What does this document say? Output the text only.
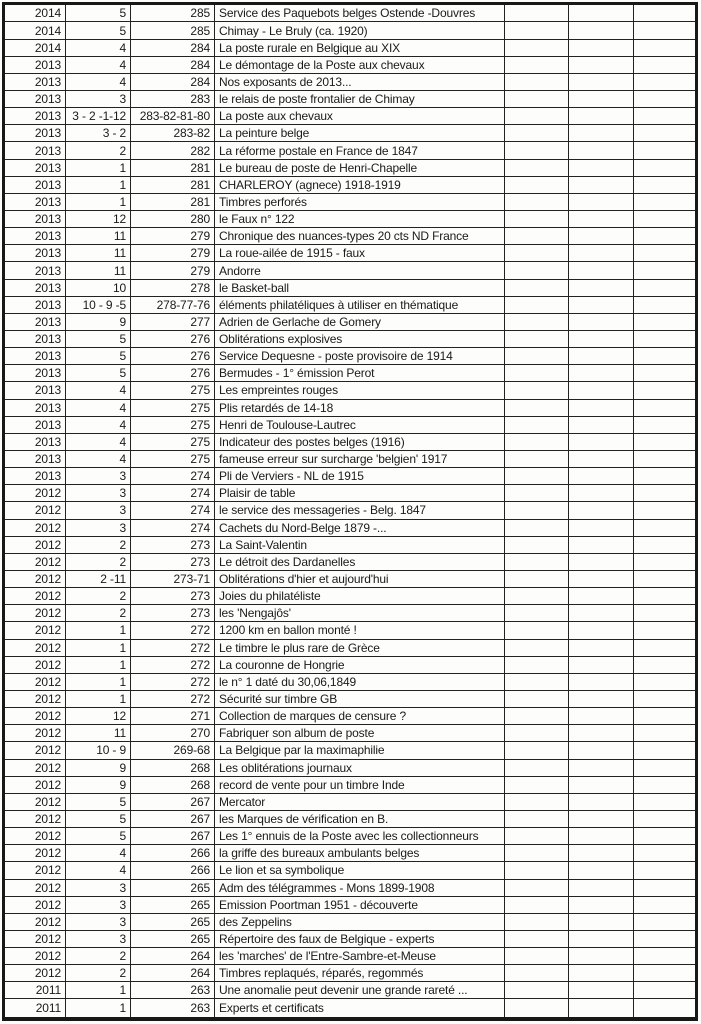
2014	5	285	Service des Paquebots belges Ostende -Douvres			
2014	5	285	Chimay - Le Bruly (ca. 1920)			
2014	4	284	La poste rurale en Belgique au XIX			
2013	4	284	Le démontage de la Poste aux chevaux			
2013	4	284	Nos exposants de 2013...			
2013	3	283	le relais de poste frontalier de Chimay			
2013	3 - 2 -1-12	283-82-81-80	La poste aux chevaux			
2013	3 - 2	283-82	La peinture belge			
2013	2	282	La réforme postale en France de 1847			
2013	1	281	Le bureau de poste de Henri-Chapelle			
2013	1	281	CHARLEROY (agnece) 1918-1919			
2013	1	281	Timbres perforés			
2013	12	280	le Faux n° 122			
2013	11	279	Chronique des nuances-types 20 cts ND France			
2013	11	279	La roue-ailée de 1915 - faux			
2013	11	279	Andorre			
2013	10	278	le Basket-ball			
2013	10 - 9 -5	278-77-76	éléments philatéliques à utiliser en thématique			
2013	9	277	Adrien de Gerlache de Gomery			
2013	5	276	Oblitérations explosives			
2013	5	276	Service Dequesne - poste provisoire de 1914			
2013	5	276	Bermudes - 1° émission Perot			
2013	4	275	Les empreintes rouges			
2013	4	275	Plis retardés de 14-18			
2013	4	275	Henri de Toulouse-Lautrec			
2013	4	275	Indicateur des postes belges (1916)			
2013	4	275	fameuse erreur sur surcharge 'belgien' 1917			
2013	3	274	Pli de Verviers - NL de 1915			
2012	3	274	Plaisir de table			
2012	3	274	le service des messageries - Belg. 1847			
2012	3	274	Cachets du Nord-Belge 1879 -...			
2012	2	273	La Saint-Valentin			
2012	2	273	Le détroit des Dardanelles			
2012	2 -11	273-71	Oblitérations d'hier et aujourd'hui			
2012	2	273	Joies du philatéliste			
2012	2	273	les 'Nengajôs'			
2012	1	272	1200 km en ballon monté !			
2012	1	272	Le timbre le plus rare de Grèce			
2012	1	272	La couronne de Hongrie			
2012	1	272	le n° 1 daté du 30,06,1849			
2012	1	272	Sécurité sur timbre GB			
2012	12	271	Collection de marques de censure ?			
2012	11	270	Fabriquer son album de poste			
2012	10 - 9	269-68	La Belgique par la maximaphilie			
2012	9	268	Les oblitérations journaux			
2012	9	268	record de vente pour un timbre Inde			
2012	5	267	Mercator			
2012	5	267	les Marques de vérification en B.			
2012	5	267	Les 1° ennuis de la Poste avec les collectionneurs			
2012	4	266	la griffe des bureaux ambulants belges			
2012	4	266	Le lion et sa symbolique			
2012	3	265	Adm des télégrammes - Mons 1899-1908			
2012	3	265	Emission Poortman 1951 - découverte			
2012	3	265	des Zeppelins			
2012	3	265	Répertoire des faux de Belgique - experts			
2012	2	264	les 'marches' de l'Entre-Sambre-et-Meuse			
2012	2	264	Timbres replaqués, réparés, regommés			
2011	1	263	Une anomalie peut devenir une grande rareté ...			
2011	1	263	Experts et certificats			
